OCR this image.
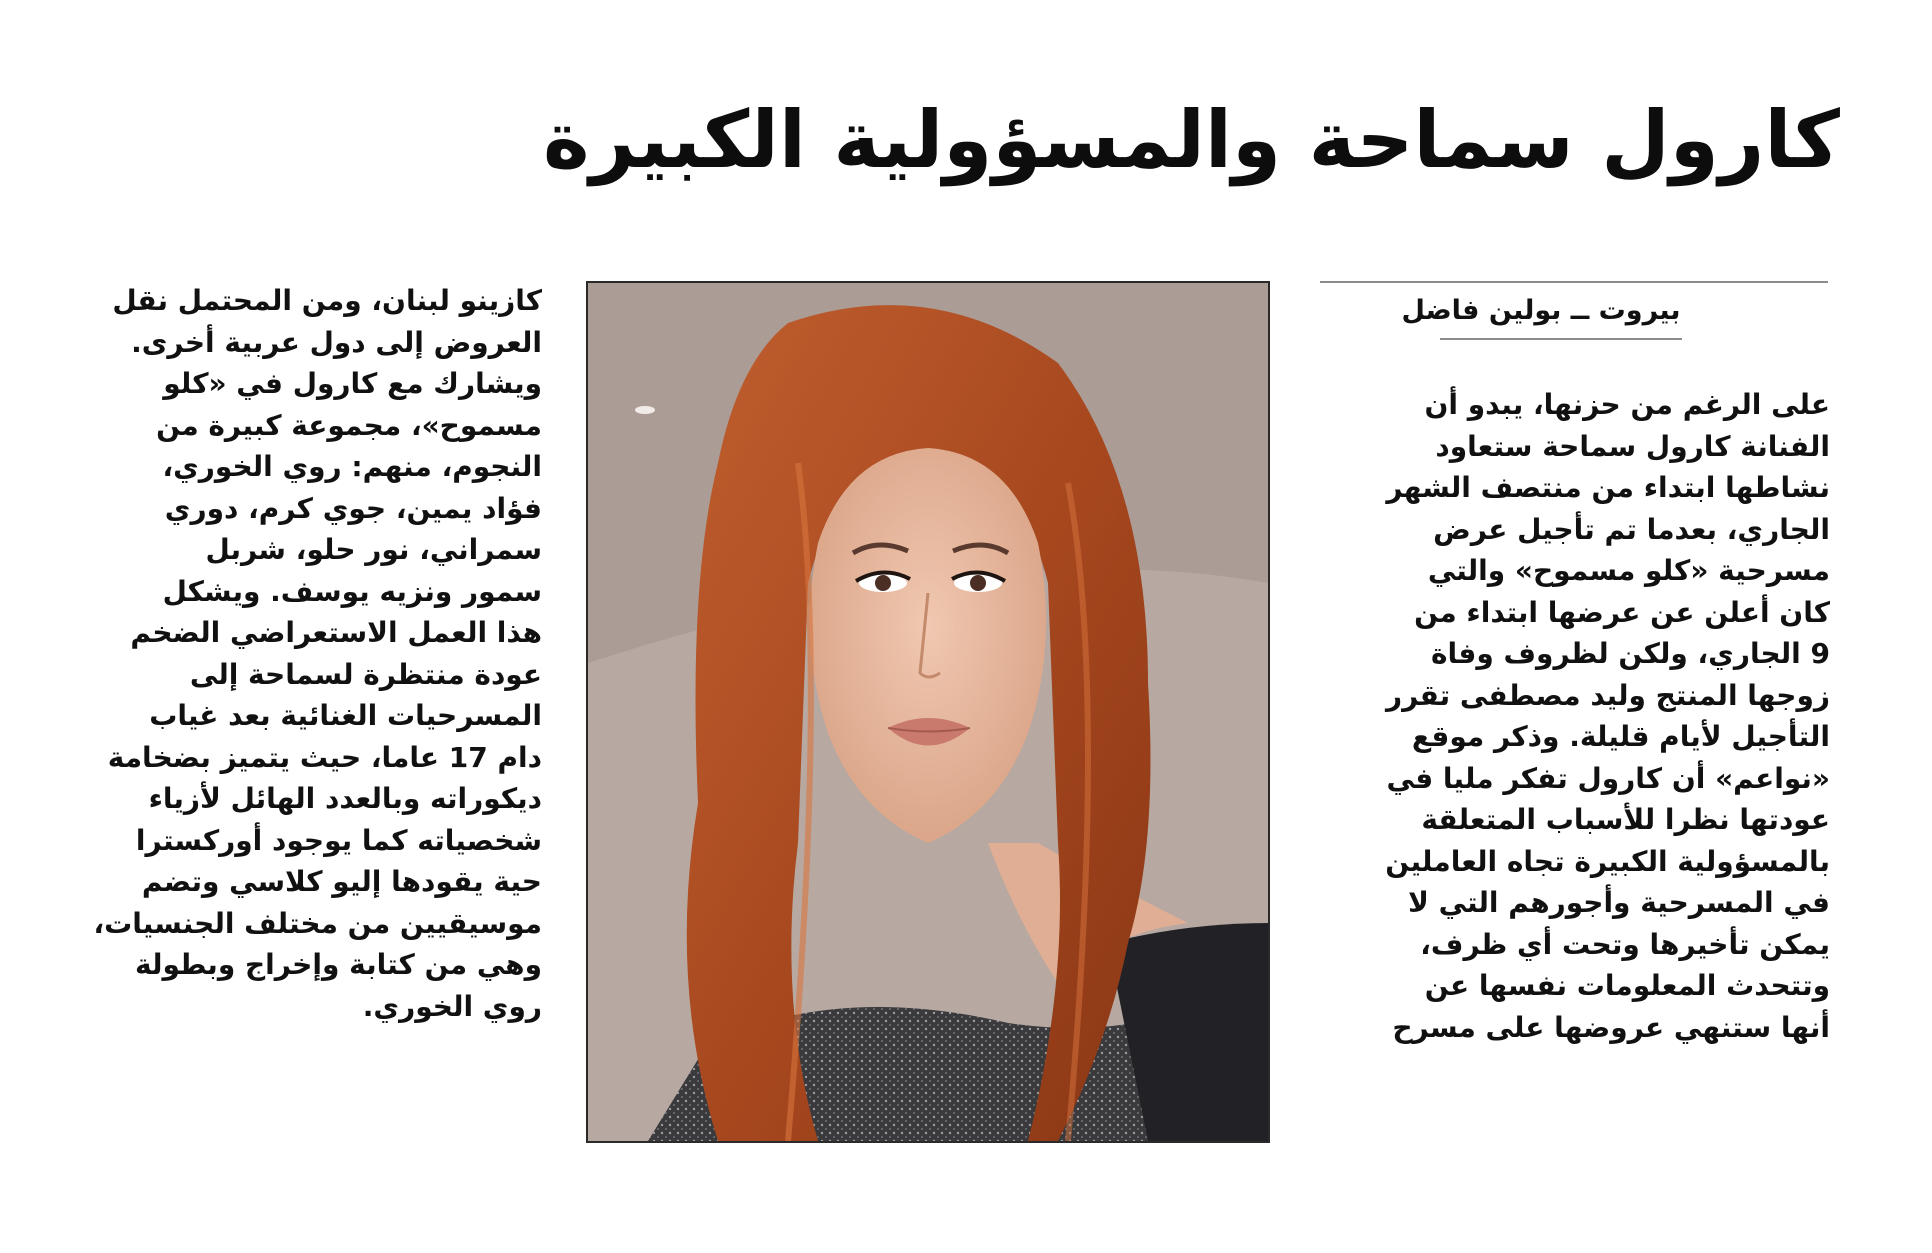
كارول سماحة والمسؤولية الكبيرة
بيروت ــ بولين فاضل
على الرغم من حزنها، يبدو أن
الفنانة كارول سماحة ستعاود
نشاطها ابتداء من منتصف الشهر
الجاري، بعدما تم تأجيل عرض
مسرحية «كلو مسموح» والتي
كان أعلن عن عرضها ابتداء من
9 الجاري، ولكن لظروف وفاة
زوجها المنتج وليد مصطفى تقرر
التأجيل لأيام قليلة. وذكر موقع
«نواعم» أن كارول تفكر مليا في
عودتها نظرا للأسباب المتعلقة
بالمسؤولية الكبيرة تجاه العاملين
في المسرحية وأجورهم التي لا
يمكن تأخيرها وتحت أي ظرف،
وتتحدث المعلومات نفسها عن
أنها ستنهي عروضها على مسرح
كازينو لبنان، ومن المحتمل نقل
العروض إلى دول عربية أخرى.
ويشارك مع كارول في «كلو
مسموح»، مجموعة كبيرة من
النجوم، منهم: روي الخوري،
فؤاد يمين، جوي كرم، دوري
سمراني، نور حلو، شربل
سمور ونزيه يوسف. ويشكل
هذا العمل الاستعراضي الضخم
عودة منتظرة لسماحة إلى
المسرحيات الغنائية بعد غياب
دام 17 عاما، حيث يتميز بضخامة
ديكوراته وبالعدد الهائل لأزياء
شخصياته كما يوجود أوركسترا
حية يقودها إليو كلاسي وتضم
موسيقيين من مختلف الجنسيات،
وهي من كتابة وإخراج وبطولة
روي الخوري.
